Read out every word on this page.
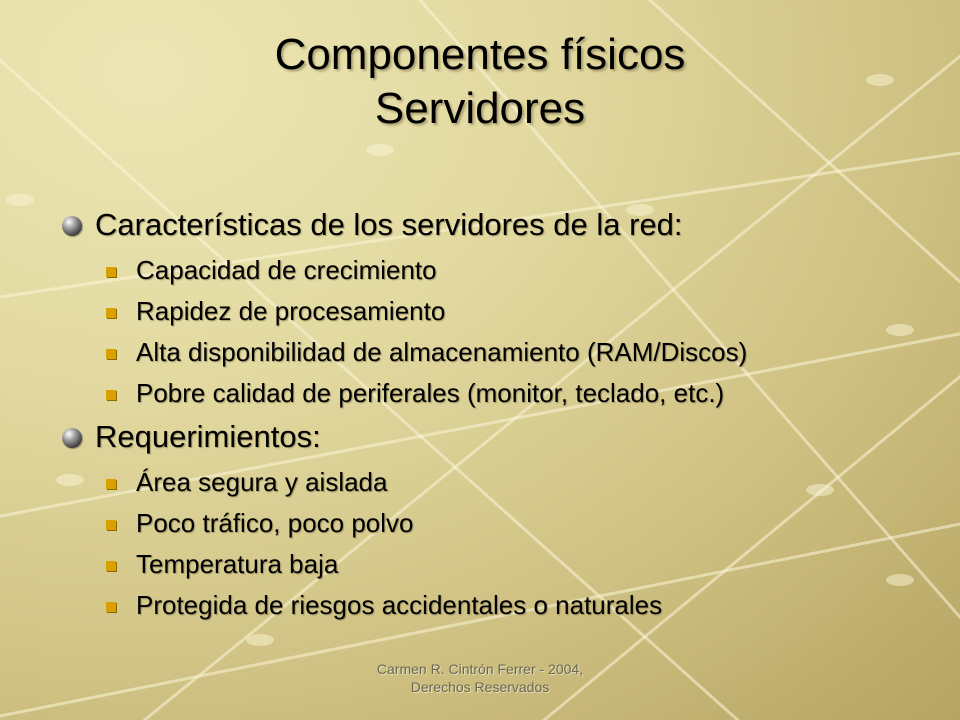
Componentes físicos
Servidores
Características de los servidores de la red:
Capacidad de crecimiento
Rapidez de procesamiento
Alta disponibilidad de almacenamiento (RAM/Discos)
Pobre calidad de periferales (monitor, teclado, etc.)
Requerimientos:
Área segura y aislada
Poco tráfico, poco polvo
Temperatura baja
Protegida de riesgos accidentales o naturales
Carmen R. Cintrón Ferrer - 2004,
Derechos Reservados
